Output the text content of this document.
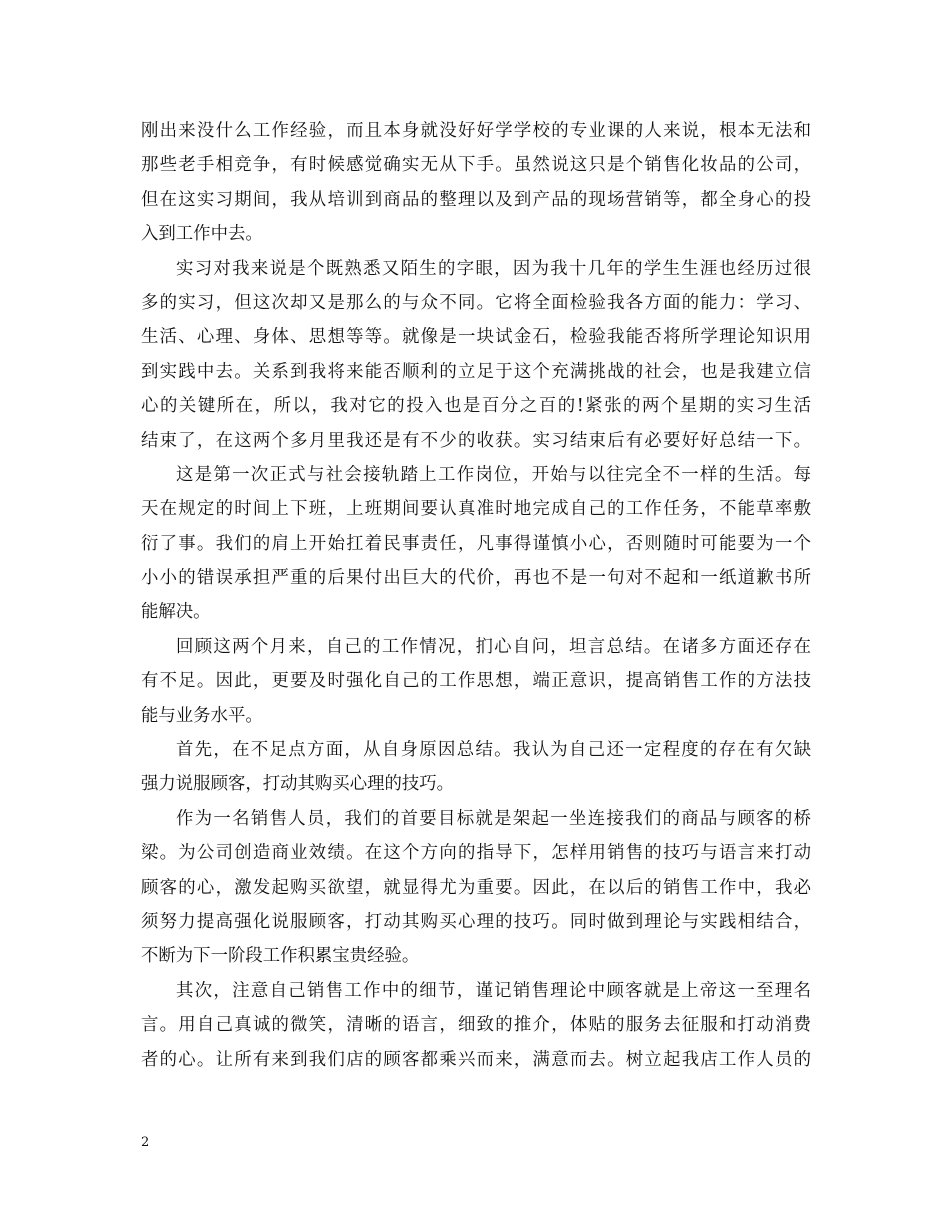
刚出来没什么工作经验，而且本身就没好好学学校的专业课的人来说，根本无法和
那些老手相竞争，有时候感觉确实无从下手。虽然说这只是个销售化妆品的公司，
但在这实习期间，我从培训到商品的整理以及到产品的现场营销等，都全身心的投
入到工作中去。
实习对我来说是个既熟悉又陌生的字眼，因为我十几年的学生生涯也经历过很
多的实习，但这次却又是那么的与众不同。它将全面检验我各方面的能力：学习、
生活、心理、身体、思想等等。就像是一块试金石，检验我能否将所学理论知识用
到实践中去。关系到我将来能否顺利的立足于这个充满挑战的社会，也是我建立信
心的关键所在，所以，我对它的投入也是百分之百的!紧张的两个星期的实习生活
结束了，在这两个多月里我还是有不少的收获。实习结束后有必要好好总结一下。
这是第一次正式与社会接轨踏上工作岗位，开始与以往完全不一样的生活。每
天在规定的时间上下班，上班期间要认真准时地完成自己的工作任务，不能草率敷
衍了事。我们的肩上开始扛着民事责任，凡事得谨慎小心，否则随时可能要为一个
小小的错误承担严重的后果付出巨大的代价，再也不是一句对不起和一纸道歉书所
能解决。
回顾这两个月来，自己的工作情况，扪心自问，坦言总结。在诸多方面还存在
有不足。因此，更要及时强化自己的工作思想，端正意识，提高销售工作的方法技
能与业务水平。
首先，在不足点方面，从自身原因总结。我认为自己还一定程度的存在有欠缺
强力说服顾客，打动其购买心理的技巧。
作为一名销售人员，我们的首要目标就是架起一坐连接我们的商品与顾客的桥
梁。为公司创造商业效绩。在这个方向的指导下，怎样用销售的技巧与语言来打动
顾客的心，激发起购买欲望，就显得尤为重要。因此，在以后的销售工作中，我必
须努力提高强化说服顾客，打动其购买心理的技巧。同时做到理论与实践相结合，
不断为下一阶段工作积累宝贵经验。
其次，注意自己销售工作中的细节，谨记销售理论中顾客就是上帝这一至理名
言。用自己真诚的微笑，清晰的语言，细致的推介，体贴的服务去征服和打动消费
者的心。让所有来到我们店的顾客都乘兴而来，满意而去。树立起我店工作人员的
2
